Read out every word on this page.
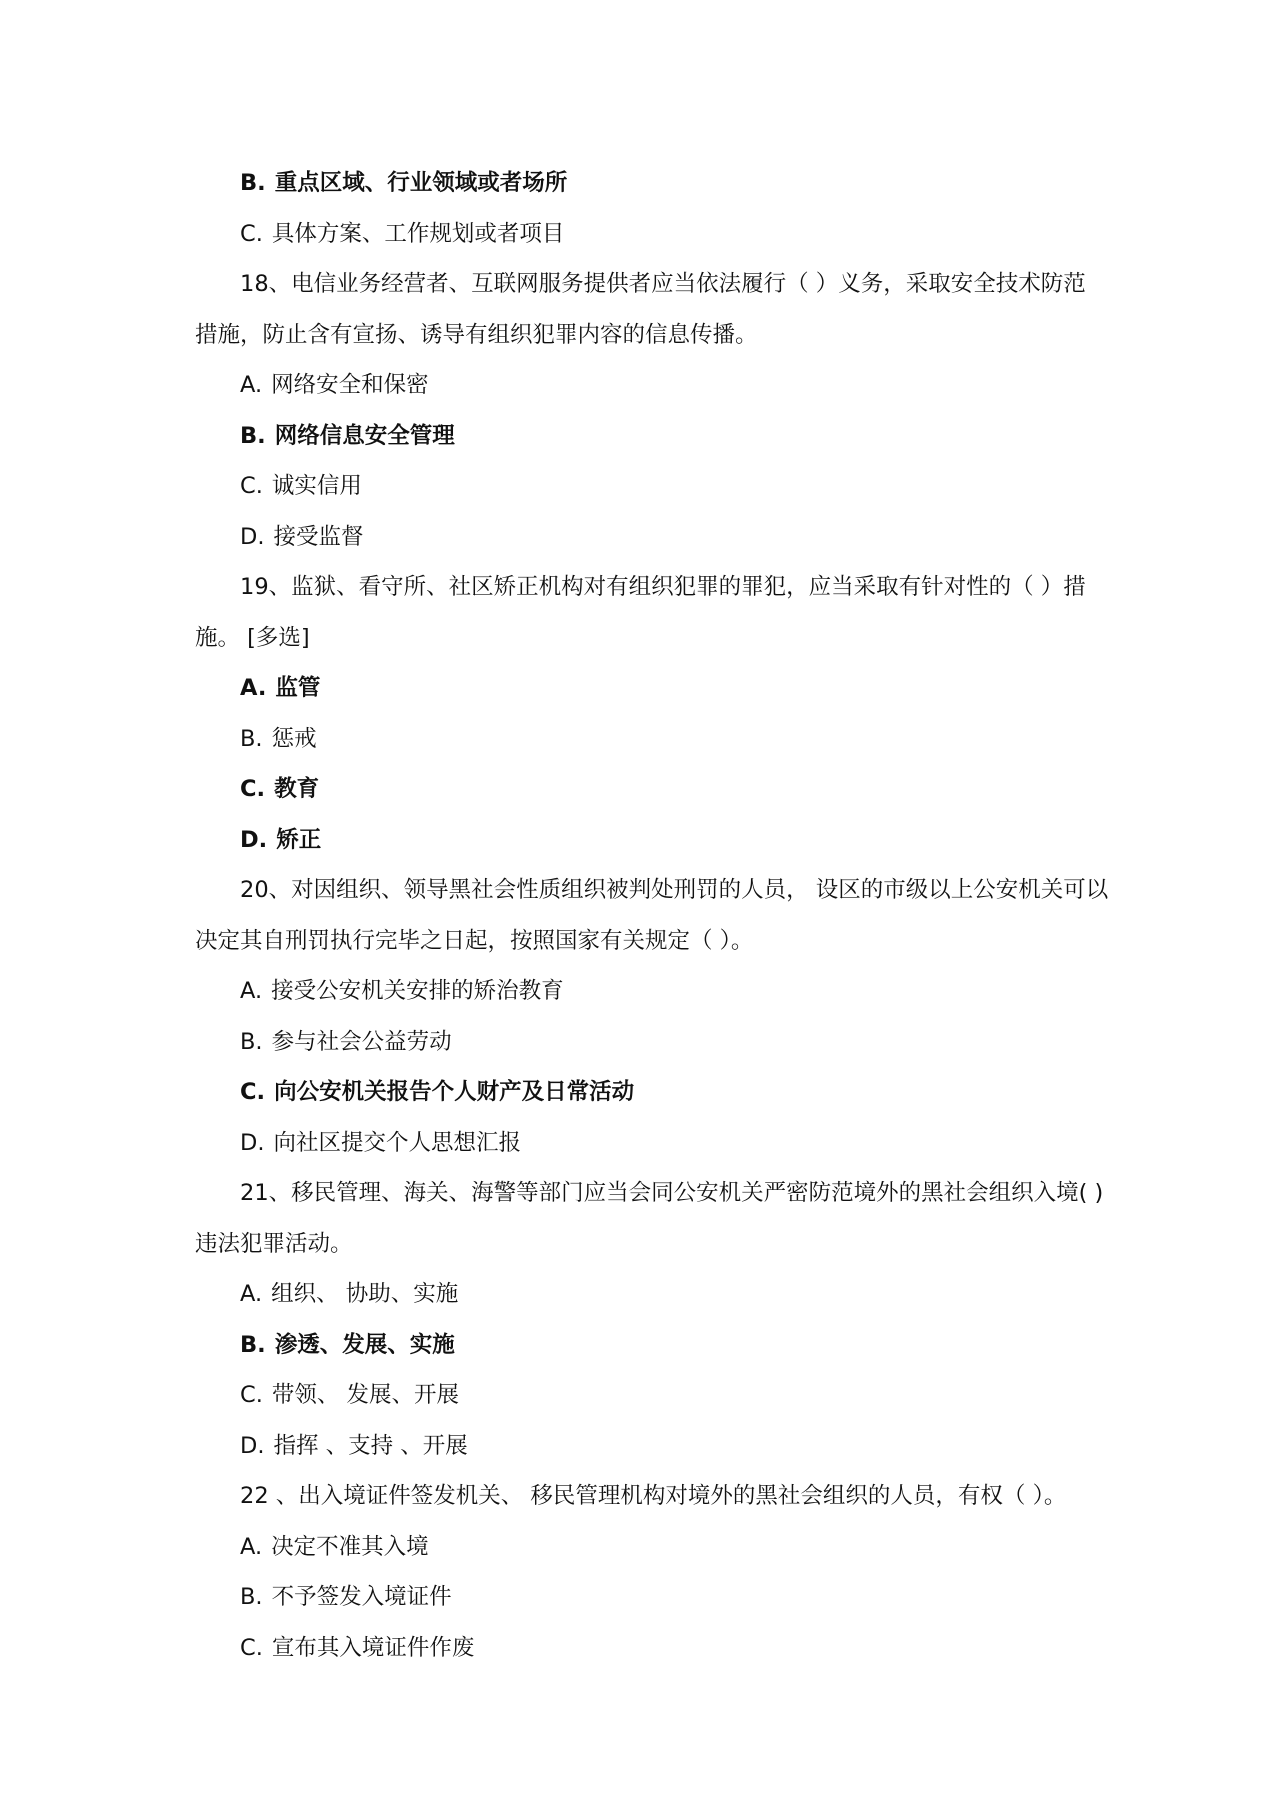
B. 重点区域、行业领域或者场所
C. 具体方案、工作规划或者项目
18、电信业务经营者、互联网服务提供者应当依法履行（ ）义务，采取安全技术防范
措施，防止含有宣扬、诱导有组织犯罪内容的信息传播。
A. 网络安全和保密
B. 网络信息安全管理
C. 诚实信用
D. 接受监督
19、监狱、看守所、社区矫正机构对有组织犯罪的罪犯，应当采取有针对性的（ ）措
施。 [多选]
A. 监管
B. 惩戒
C. 教育
D. 矫正
20、对因组织、领导黑社会性质组织被判处刑罚的人员， 设区的市级以上公安机关可以
决定其自刑罚执行完毕之日起，按照国家有关规定（ ）。
A. 接受公安机关安排的矫治教育
B. 参与社会公益劳动
C. 向公安机关报告个人财产及日常活动
D. 向社区提交个人思想汇报
21、移民管理、海关、海警等部门应当会同公安机关严密防范境外的黑社会组织入境( )
违法犯罪活动。
A. 组织、 协助、实施
B. 渗透、发展、实施
C. 带领、 发展、开展
D. 指挥 、支持 、开展
22 、出入境证件签发机关、 移民管理机构对境外的黑社会组织的人员，有权（ ）。
A. 决定不准其入境
B. 不予签发入境证件
C. 宣布其入境证件作废
